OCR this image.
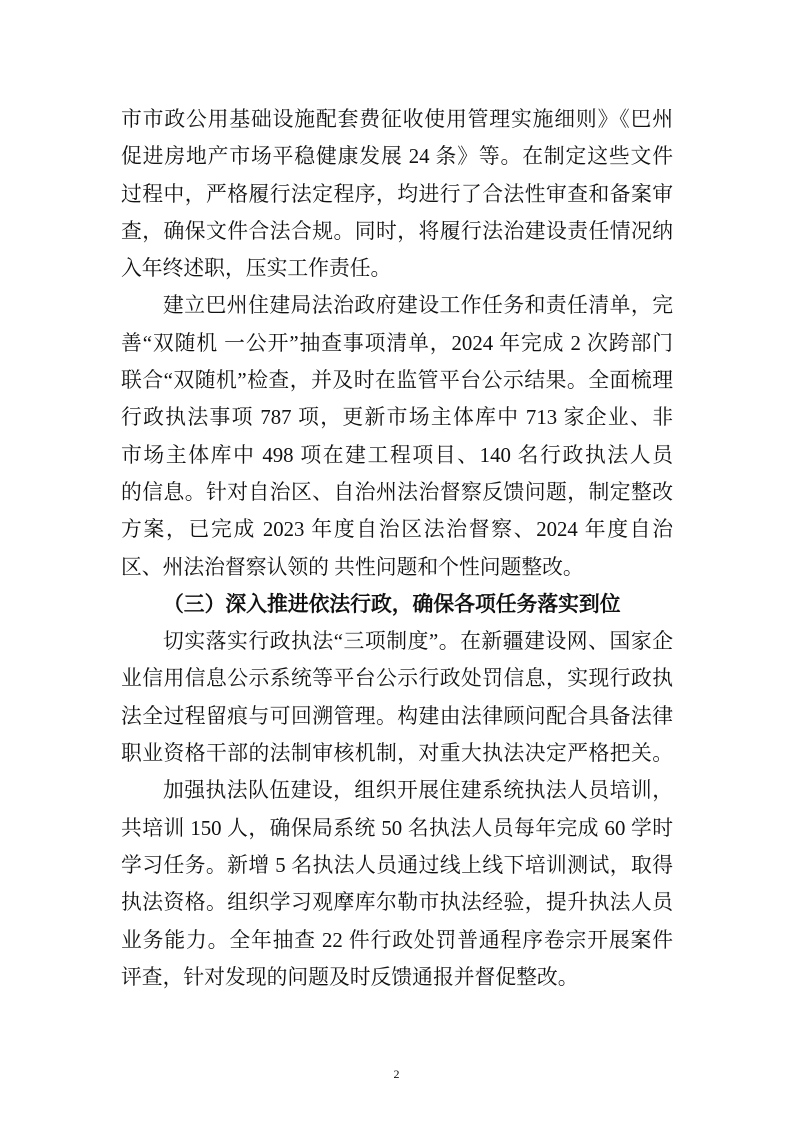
市市政公用基础设施配套费征收使用管理实施细则》《巴州
促进房地产市场平稳健康发展 24 条》等。在制定这些文件
过程中，严格履行法定程序，均进行了合法性审查和备案审
查，确保文件合法合规。同时，将履行法治建设责任情况纳
入年终述职，压实工作责任。
建立巴州住建局法治政府建设工作任务和责任清单，完
善“双随机 一公开”抽查事项清单，2024 年完成 2 次跨部门
联合“双随机”检查，并及时在监管平台公示结果。全面梳理
行政执法事项 787 项，更新市场主体库中 713 家企业、非
市场主体库中 498 项在建工程项目、140 名行政执法人员
的信息。针对自治区、自治州法治督察反馈问题，制定整改
方案，已完成 2023 年度自治区法治督察、2024 年度自治
区、州法治督察认领的 共性问题和个性问题整改。
（三）深入推进依法行政，确保各项任务落实到位
切实落实行政执法“三项制度”。在新疆建设网、国家企
业信用信息公示系统等平台公示行政处罚信息，实现行政执
法全过程留痕与可回溯管理。构建由法律顾问配合具备法律
职业资格干部的法制审核机制，对重大执法决定严格把关。
加强执法队伍建设，组织开展住建系统执法人员培训，
共培训 150 人，确保局系统 50 名执法人员每年完成 60 学时
学习任务。新增 5 名执法人员通过线上线下培训测试，取得
执法资格。组织学习观摩库尔勒市执法经验，提升执法人员
业务能力。全年抽查 22 件行政处罚普通程序卷宗开展案件
评查，针对发现的问题及时反馈通报并督促整改。
2
